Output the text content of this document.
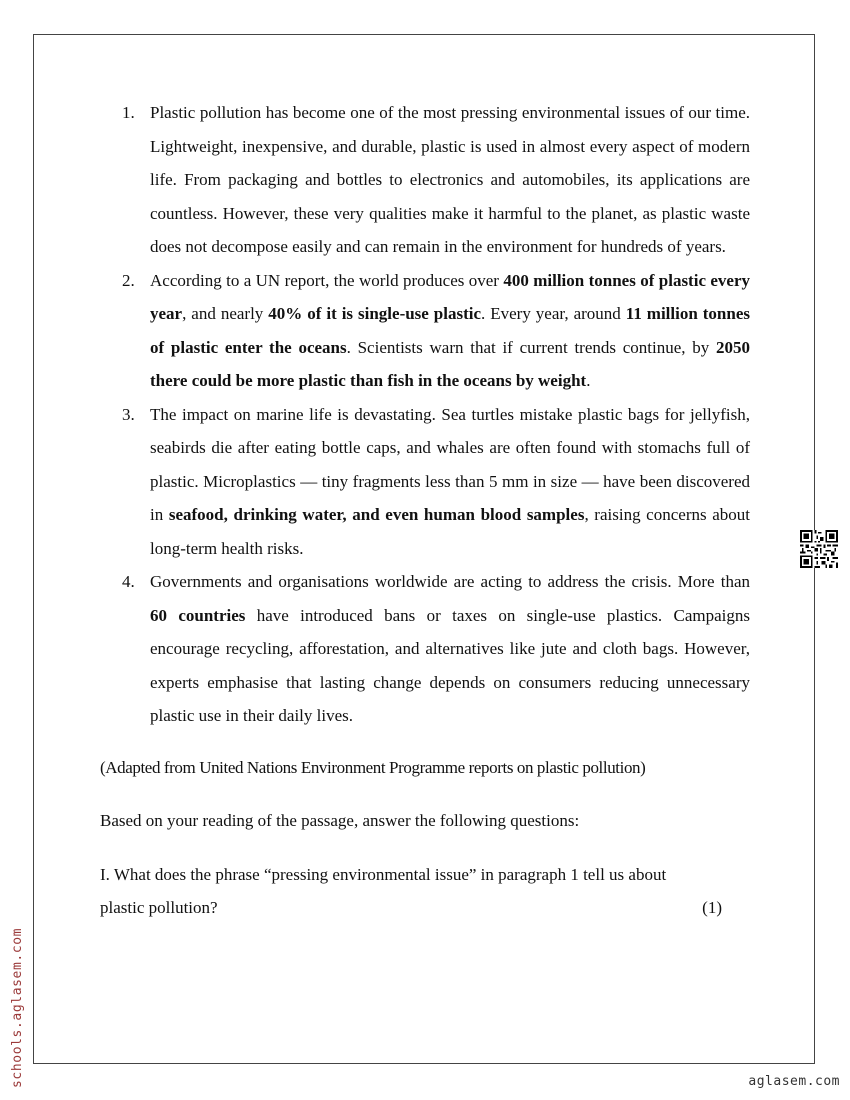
1. Plastic pollution has become one of the most pressing environmental issues of our time. Lightweight, inexpensive, and durable, plastic is used in almost every aspect of modern life. From packaging and bottles to electronics and automobiles, its applications are countless. However, these very qualities make it harmful to the planet, as plastic waste does not decompose easily and can remain in the environment for hundreds of years.

2. According to a UN report, the world produces over 400 million tonnes of plastic every year, and nearly 40% of it is single-use plastic. Every year, around 11 million tonnes of plastic enter the oceans. Scientists warn that if current trends continue, by 2050 there could be more plastic than fish in the oceans by weight.

3. The impact on marine life is devastating. Sea turtles mistake plastic bags for jellyfish, seabirds die after eating bottle caps, and whales are often found with stomachs full of plastic. Microplastics — tiny fragments less than 5 mm in size — have been discovered in seafood, drinking water, and even human blood samples, raising concerns about long-term health risks.

4. Governments and organisations worldwide are acting to address the crisis. More than 60 countries have introduced bans or taxes on single-use plastics. Campaigns encourage recycling, afforestation, and alternatives like jute and cloth bags. However, experts emphasise that lasting change depends on consumers reducing unnecessary plastic use in their daily lives.

(Adapted from United Nations Environment Programme reports on plastic pollution)

Based on your reading of the passage, answer the following questions:

I. What does the phrase “pressing environmental issue” in paragraph 1 tell us about
plastic pollution?	(1)
schools.aglasem.com	aglasem.com
